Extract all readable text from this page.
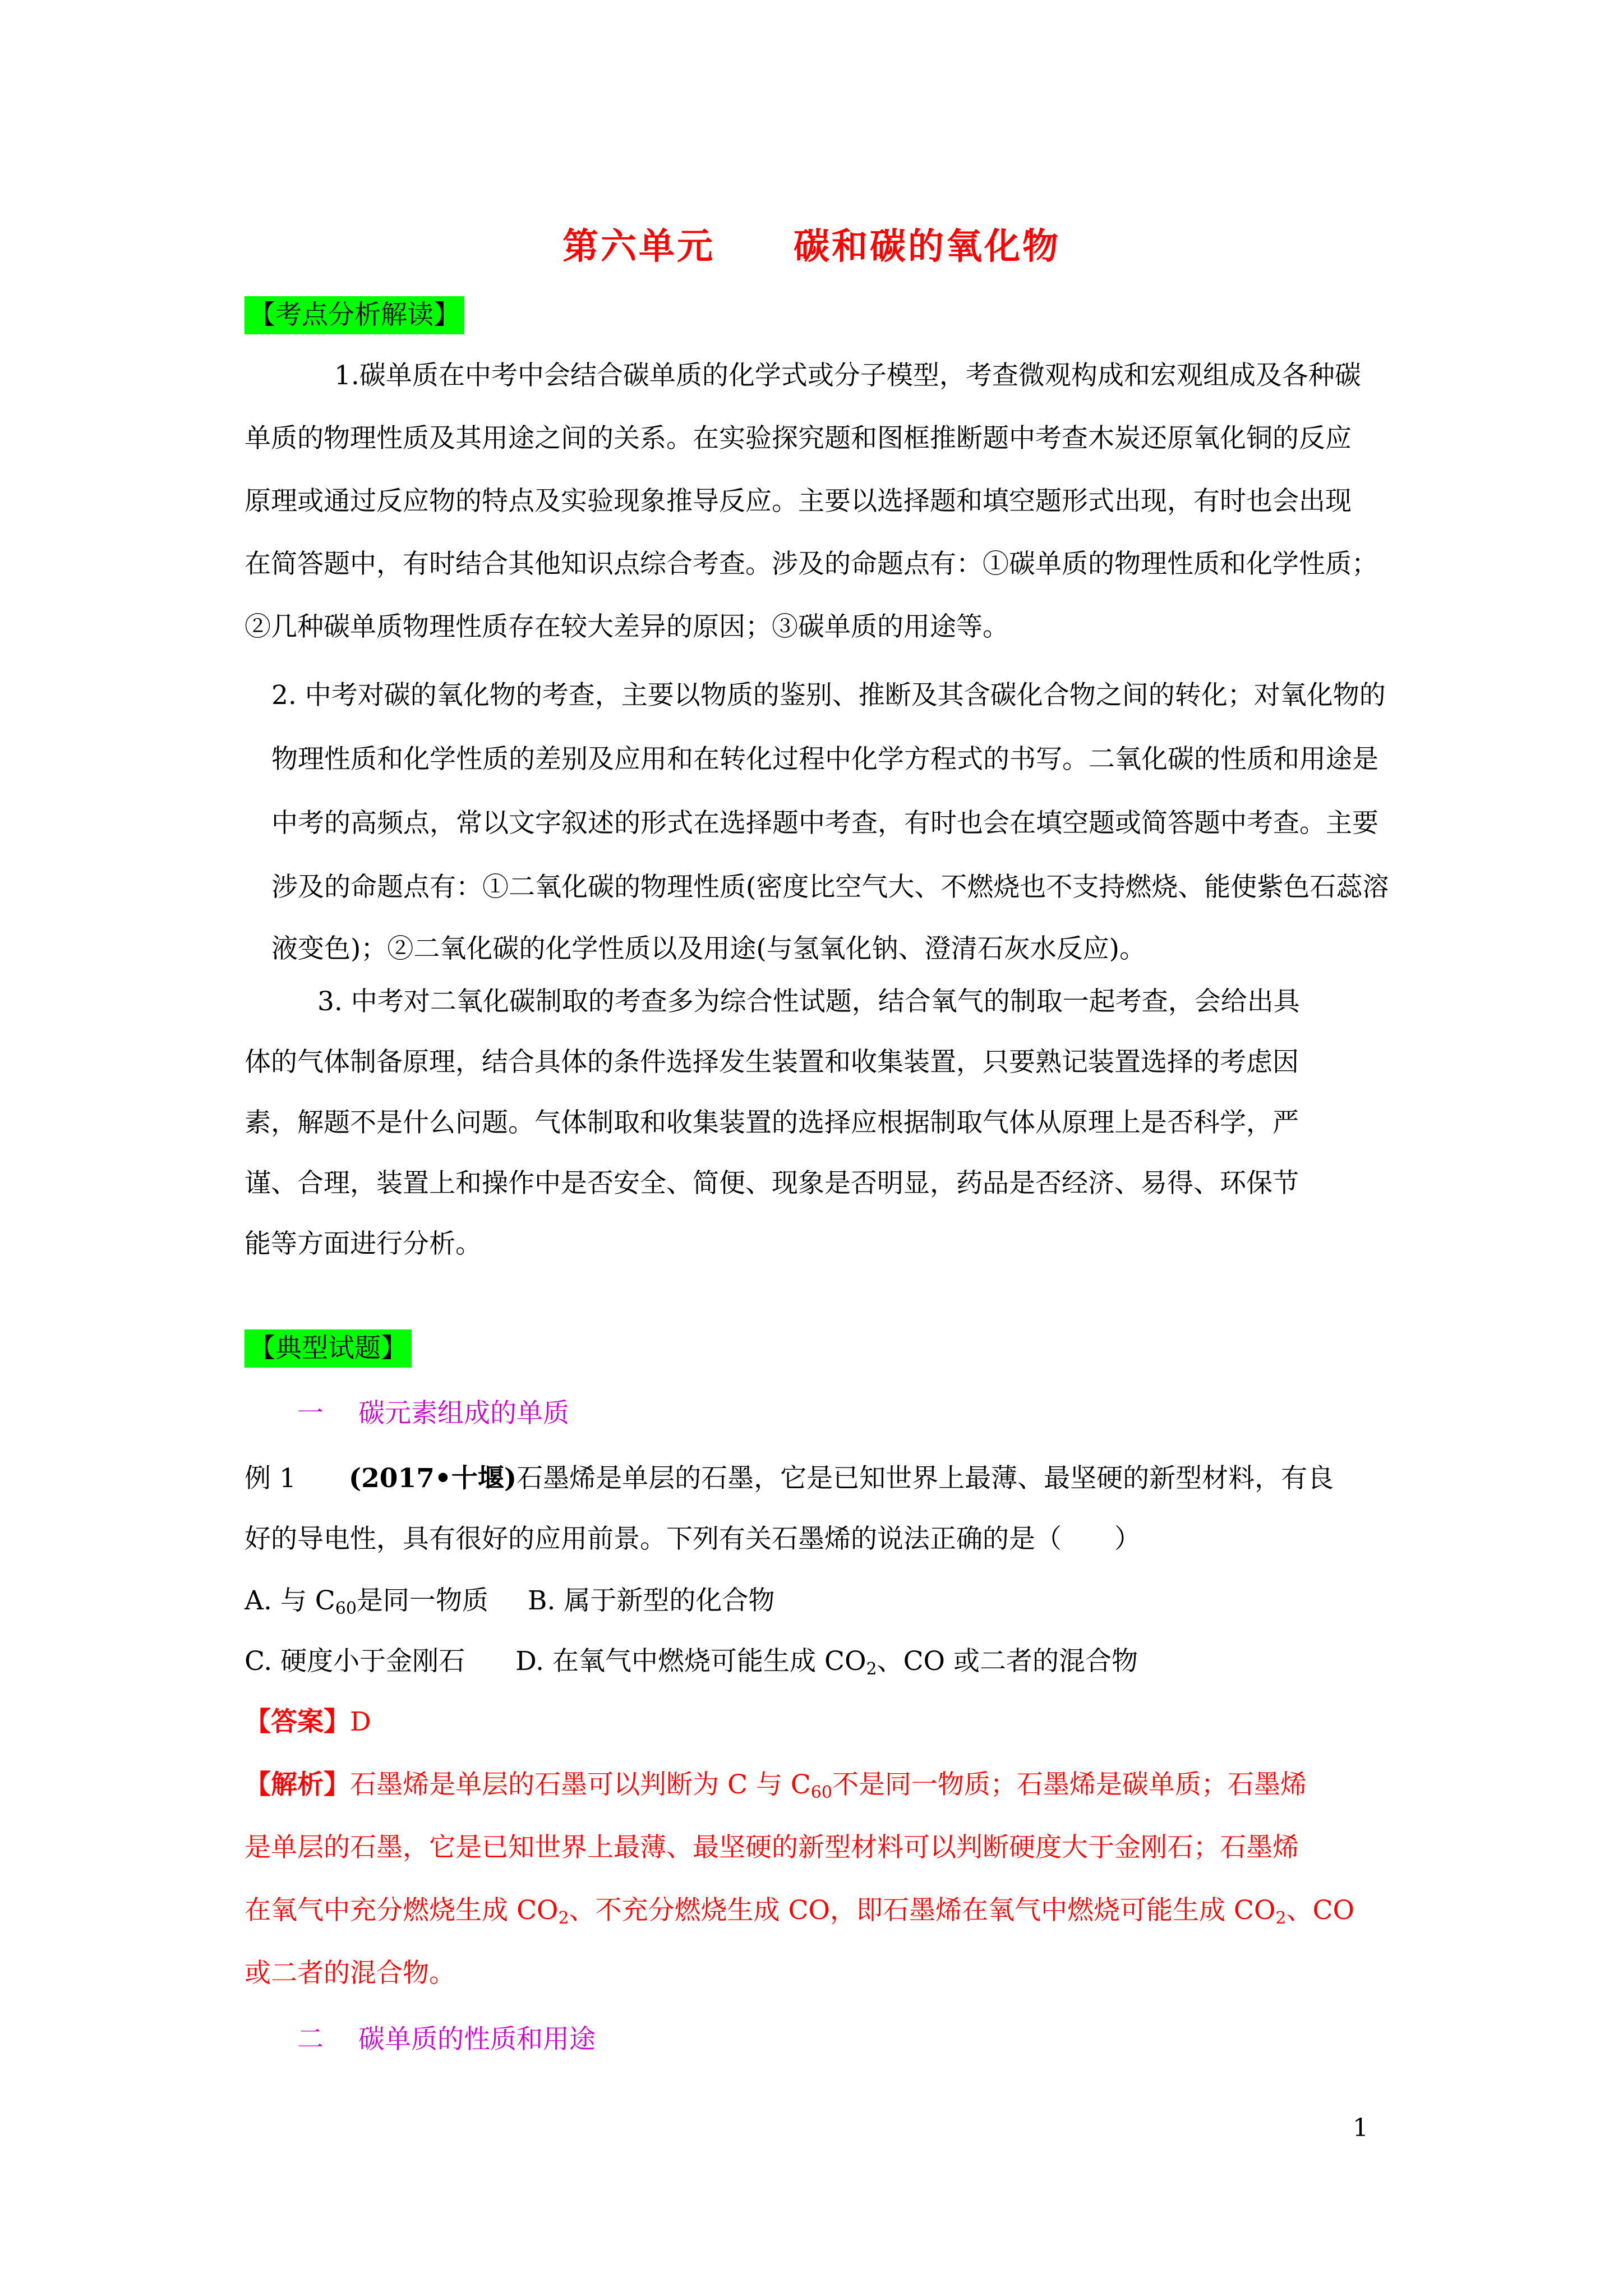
第六单元 碳和碳的氧化物
【考点分析解读】
1.碳单质在中考中会结合碳单质的化学式或分子模型，考查微观构成和宏观组成及各种碳
单质的物理性质及其用途之间的关系。在实验探究题和图框推断题中考查木炭还原氧化铜的反应
原理或通过反应物的特点及实验现象推导反应。主要以选择题和填空题形式出现，有时也会出现
在简答题中，有时结合其他知识点综合考查。涉及的命题点有：①碳单质的物理性质和化学性质；
②几种碳单质物理性质存在较大差异的原因；③碳单质的用途等。
2. 中考对碳的氧化物的考查，主要以物质的鉴别、推断及其含碳化合物之间的转化；对氧化物的
物理性质和化学性质的差别及应用和在转化过程中化学方程式的书写。二氧化碳的性质和用途是
中考的高频点，常以文字叙述的形式在选择题中考查，有时也会在填空题或简答题中考查。主要
涉及的命题点有：①二氧化碳的物理性质(密度比空气大、不燃烧也不支持燃烧、能使紫色石蕊溶
液变色)；②二氧化碳的化学性质以及用途(与氢氧化钠、澄清石灰水反应)。
3. 中考对二氧化碳制取的考查多为综合性试题，结合氧气的制取一起考查，会给出具
体的气体制备原理，结合具体的条件选择发生装置和收集装置，只要熟记装置选择的考虑因
素，解题不是什么问题。气体制取和收集装置的选择应根据制取气体从原理上是否科学，严
谨、合理，装置上和操作中是否安全、简便、现象是否明显，药品是否经济、易得、环保节
能等方面进行分析。
【典型试题】
一　 碳元素组成的单质
例 1　　(2017•十堰)石墨烯是单层的石墨，它是已知世界上最薄、最坚硬的新型材料，有良
好的导电性，具有很好的应用前景。下列有关石墨烯的说法正确的是（　　）
A. 与 $C_{60}$是同一物质 B. 属于新型的化合物
C. 硬度小于金刚石 D. 在氧气中燃烧可能生成 $CO_2$、CO 或二者的混合物
【答案】D
【解析】石墨烯是单层的石墨可以判断为 C 与 $C_{60}$不是同一物质；石墨烯是碳单质；石墨烯
是单层的石墨，它是已知世界上最薄、最坚硬的新型材料可以判断硬度大于金刚石；石墨烯
在氧气中充分燃烧生成 $CO_2$、不充分燃烧生成 CO，即石墨烯在氧气中燃烧可能生成 $CO_2$、CO
或二者的混合物。
二　 碳单质的性质和用途
1
